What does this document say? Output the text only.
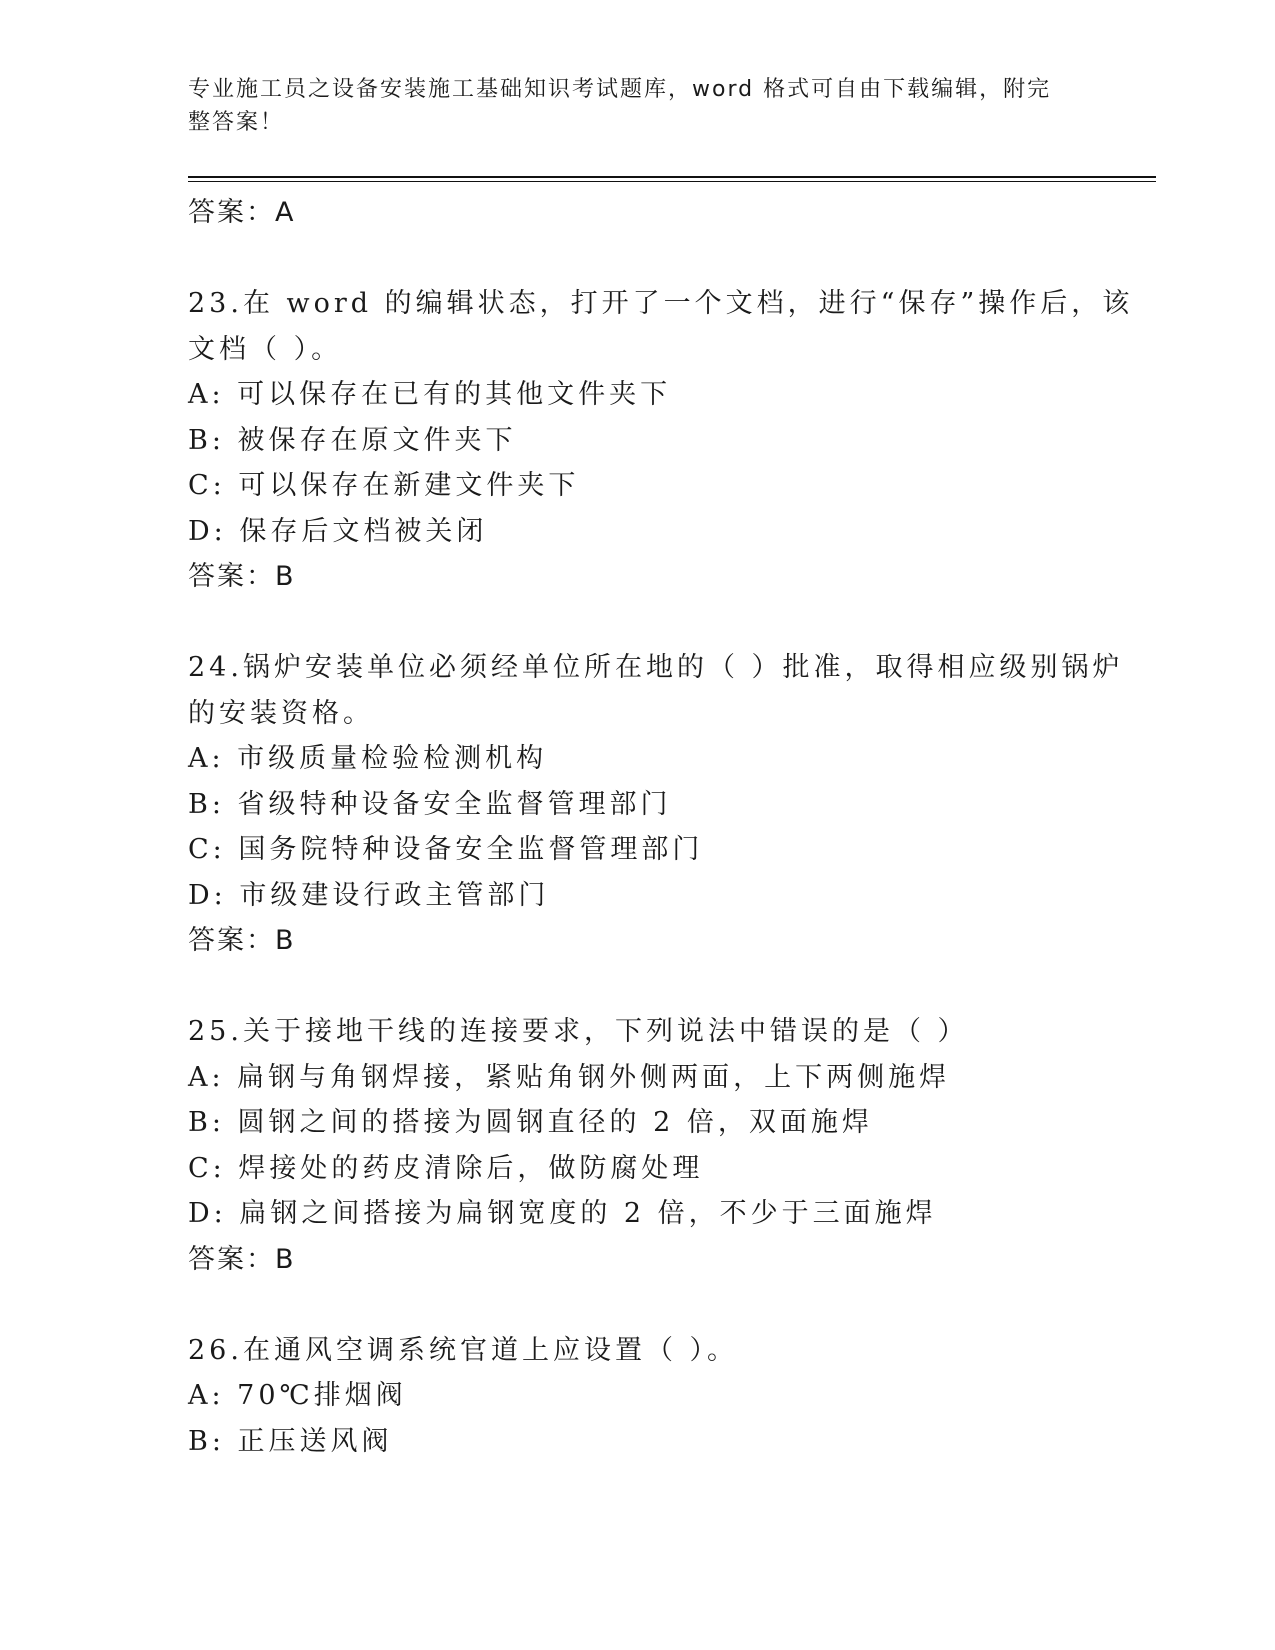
专业施工员之设备安装施工基础知识考试题库，word 格式可自由下载编辑，附完
整答案！
答案：A
23.在 word 的编辑状态，打开了一个文档，进行“保存”操作后，该
文档（ ）。
A: 可以保存在已有的其他文件夹下
B: 被保存在原文件夹下
C: 可以保存在新建文件夹下
D: 保存后文档被关闭
答案：B
24.锅炉安装单位必须经单位所在地的（ ）批准，取得相应级别锅炉
的安装资格。
A: 市级质量检验检测机构
B: 省级特种设备安全监督管理部门
C: 国务院特种设备安全监督管理部门
D: 市级建设行政主管部门
答案：B
25.关于接地干线的连接要求，下列说法中错误的是（ ）
A: 扁钢与角钢焊接，紧贴角钢外侧两面，上下两侧施焊
B: 圆钢之间的搭接为圆钢直径的 2 倍，双面施焊
C: 焊接处的药皮清除后，做防腐处理
D: 扁钢之间搭接为扁钢宽度的 2 倍，不少于三面施焊
答案：B
26.在通风空调系统官道上应设置（ ）。
A: 70℃排烟阀
B: 正压送风阀
